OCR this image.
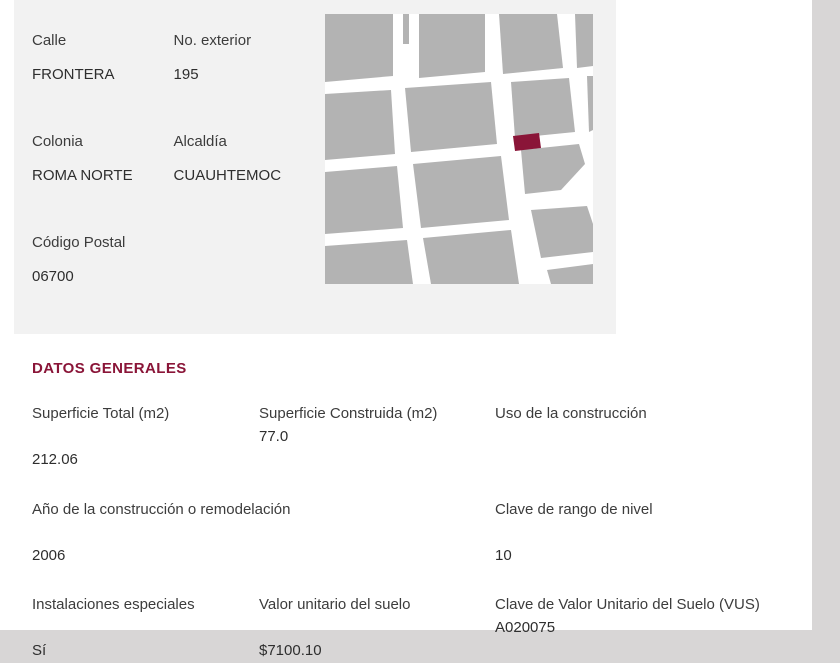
Calle
FRONTERA
No. exterior
195
Colonia
ROMA NORTE
Alcaldía
CUAUHTEMOC
Código Postal
06700
DATOS GENERALES
Superficie Total (m2)
212.06
Superficie Construida (m2)
77.0
Uso de la construcción
Año de la construcción o remodelación
2006
Clave de rango de nivel
10
Instalaciones especiales
Sí
Valor unitario del suelo
$7100.10
Clave de Valor Unitario del Suelo (VUS)
A020075
